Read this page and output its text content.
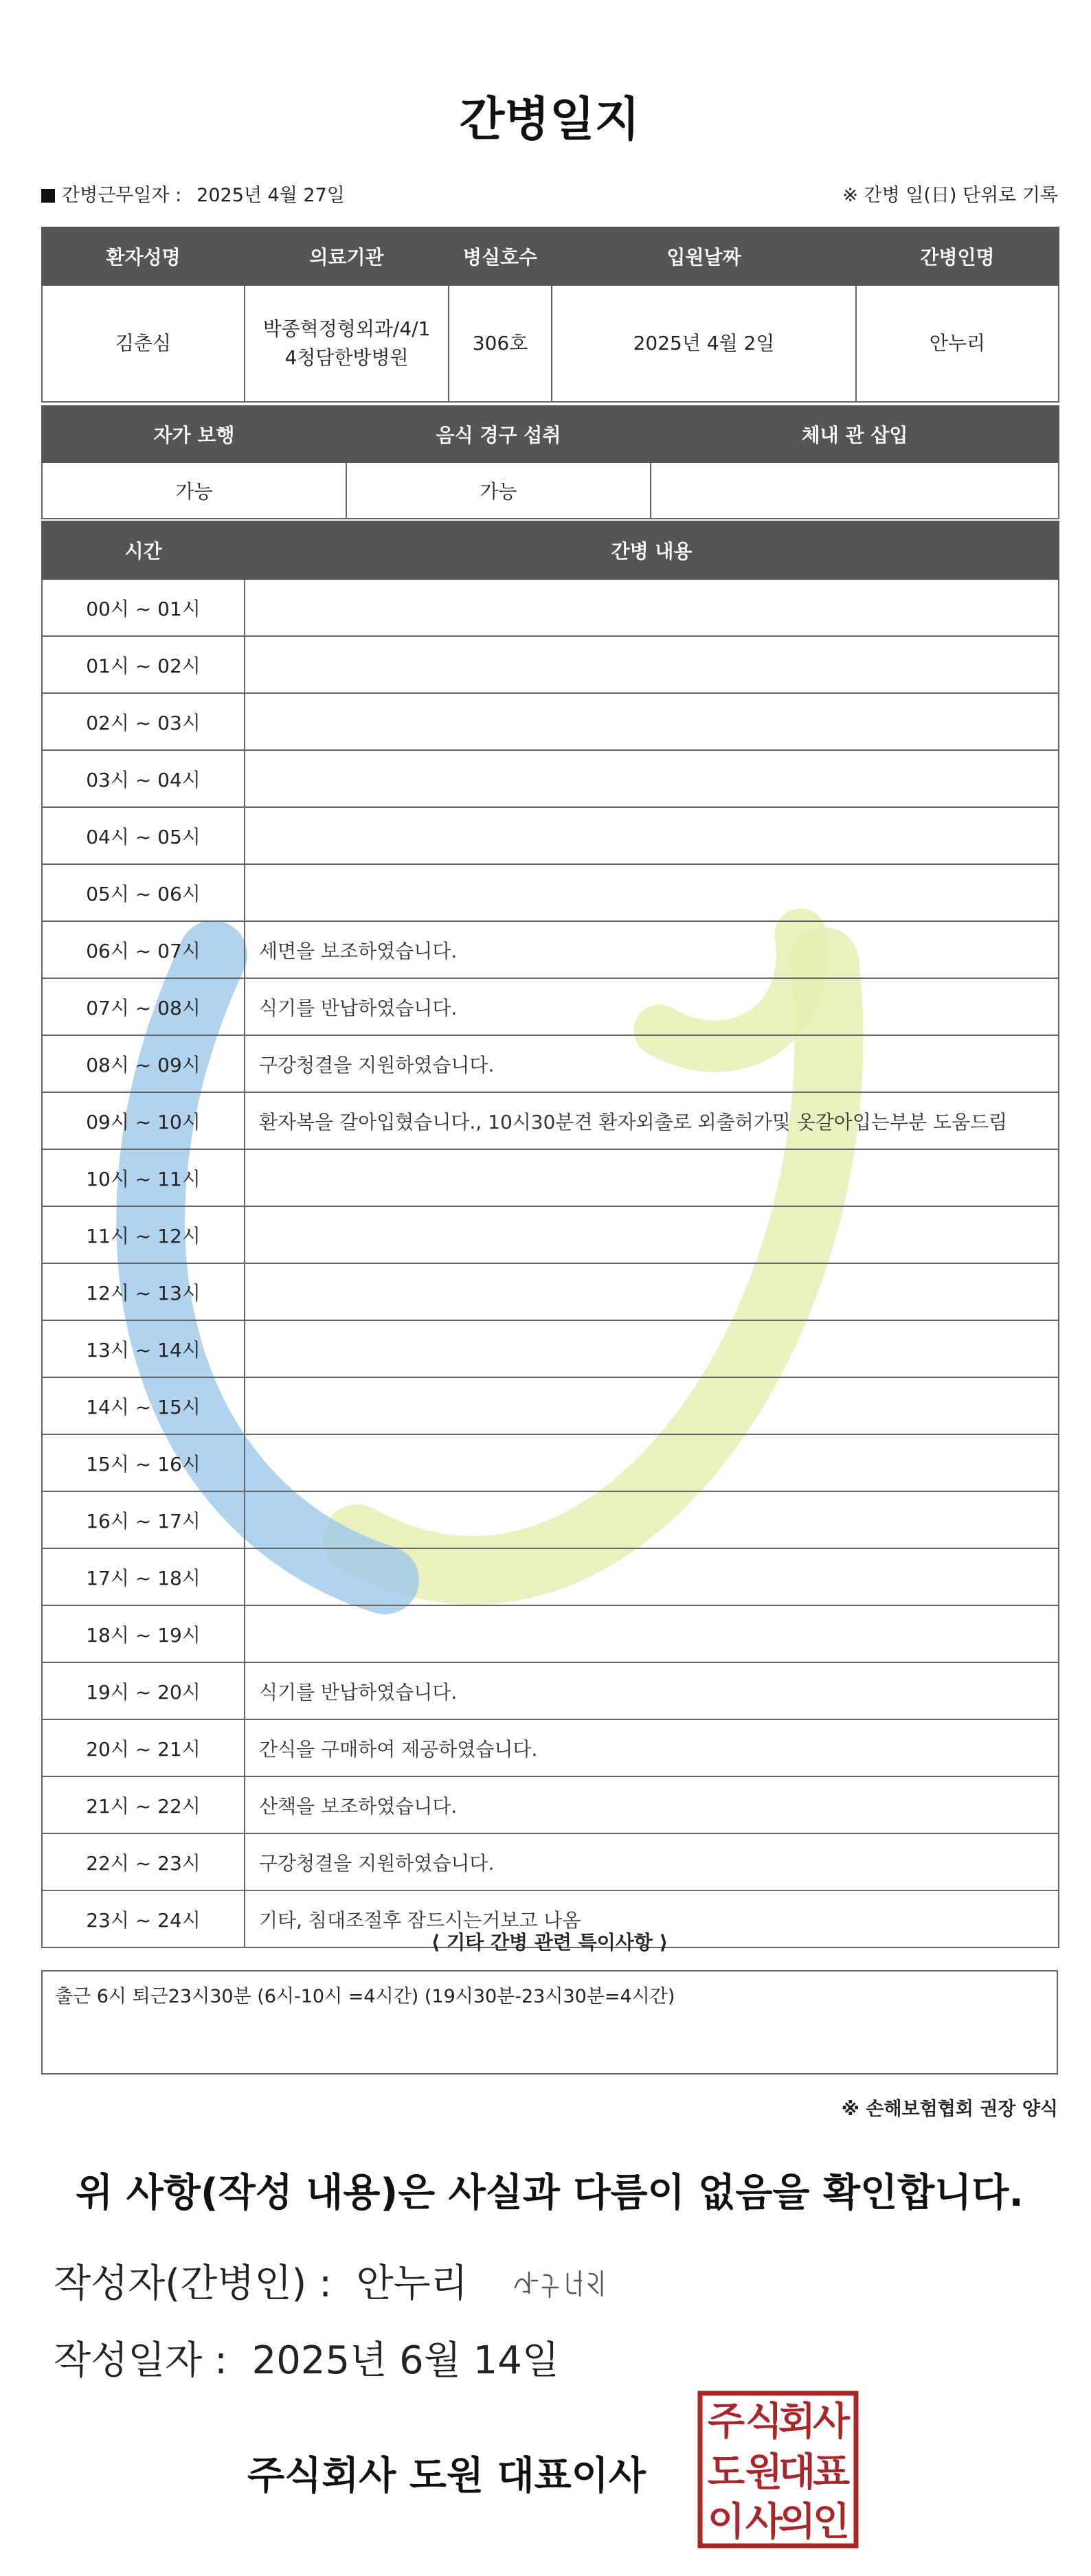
간병일지
간병근무일자 : 2025년 4월 27일	※ 간병 일(日) 단위로 기록
환자성명	의료기관	병실호수	입원날짜	간병인명
김춘심	박종혁정형외과/4/14청담한방병원	306호	2025년 4월 2일	안누리
자가 보행	음식 경구 섭취	체내 관 삽입
가능	가능	
시간	간병 내용
00시 ~ 01시	
01시 ~ 02시	
02시 ~ 03시	
03시 ~ 04시	
04시 ~ 05시	
05시 ~ 06시	
06시 ~ 07시	세면을 보조하였습니다.
07시 ~ 08시	식기를 반납하였습니다.
08시 ~ 09시	구강청결을 지원하였습니다.
09시 ~ 10시	환자복을 갈아입혔습니다., 10시30분견 환자외출로 외출허가및 옷갈아입는부분 도움드림
10시 ~ 11시	
11시 ~ 12시	
12시 ~ 13시	
13시 ~ 14시	
14시 ~ 15시	
15시 ~ 16시	
16시 ~ 17시	
17시 ~ 18시	
18시 ~ 19시	
19시 ~ 20시	식기를 반납하였습니다.
20시 ~ 21시	간식을 구매하여 제공하였습니다.
21시 ~ 22시	산책을 보조하였습니다.
22시 ~ 23시	구강청결을 지원하였습니다.
23시 ~ 24시	기타, 침대조절후 잠드시는거보고 나옴
⟨ 기타 간병 관련 특이사항 ⟩
출근 6시 퇴근23시30분 (6시-10시 =4시간) (19시30분-23시30분=4시간)
※ 손해보험협회 권장 양식
위 사항(작성 내용)은 사실과 다름이 없음을 확인합니다.
작성자(간병인) : 안누리
작성일자 : 2025년 6월 14일
주식회사 도원 대표이사
주 식
회
사
도 원
대
표
이 사
의
인
